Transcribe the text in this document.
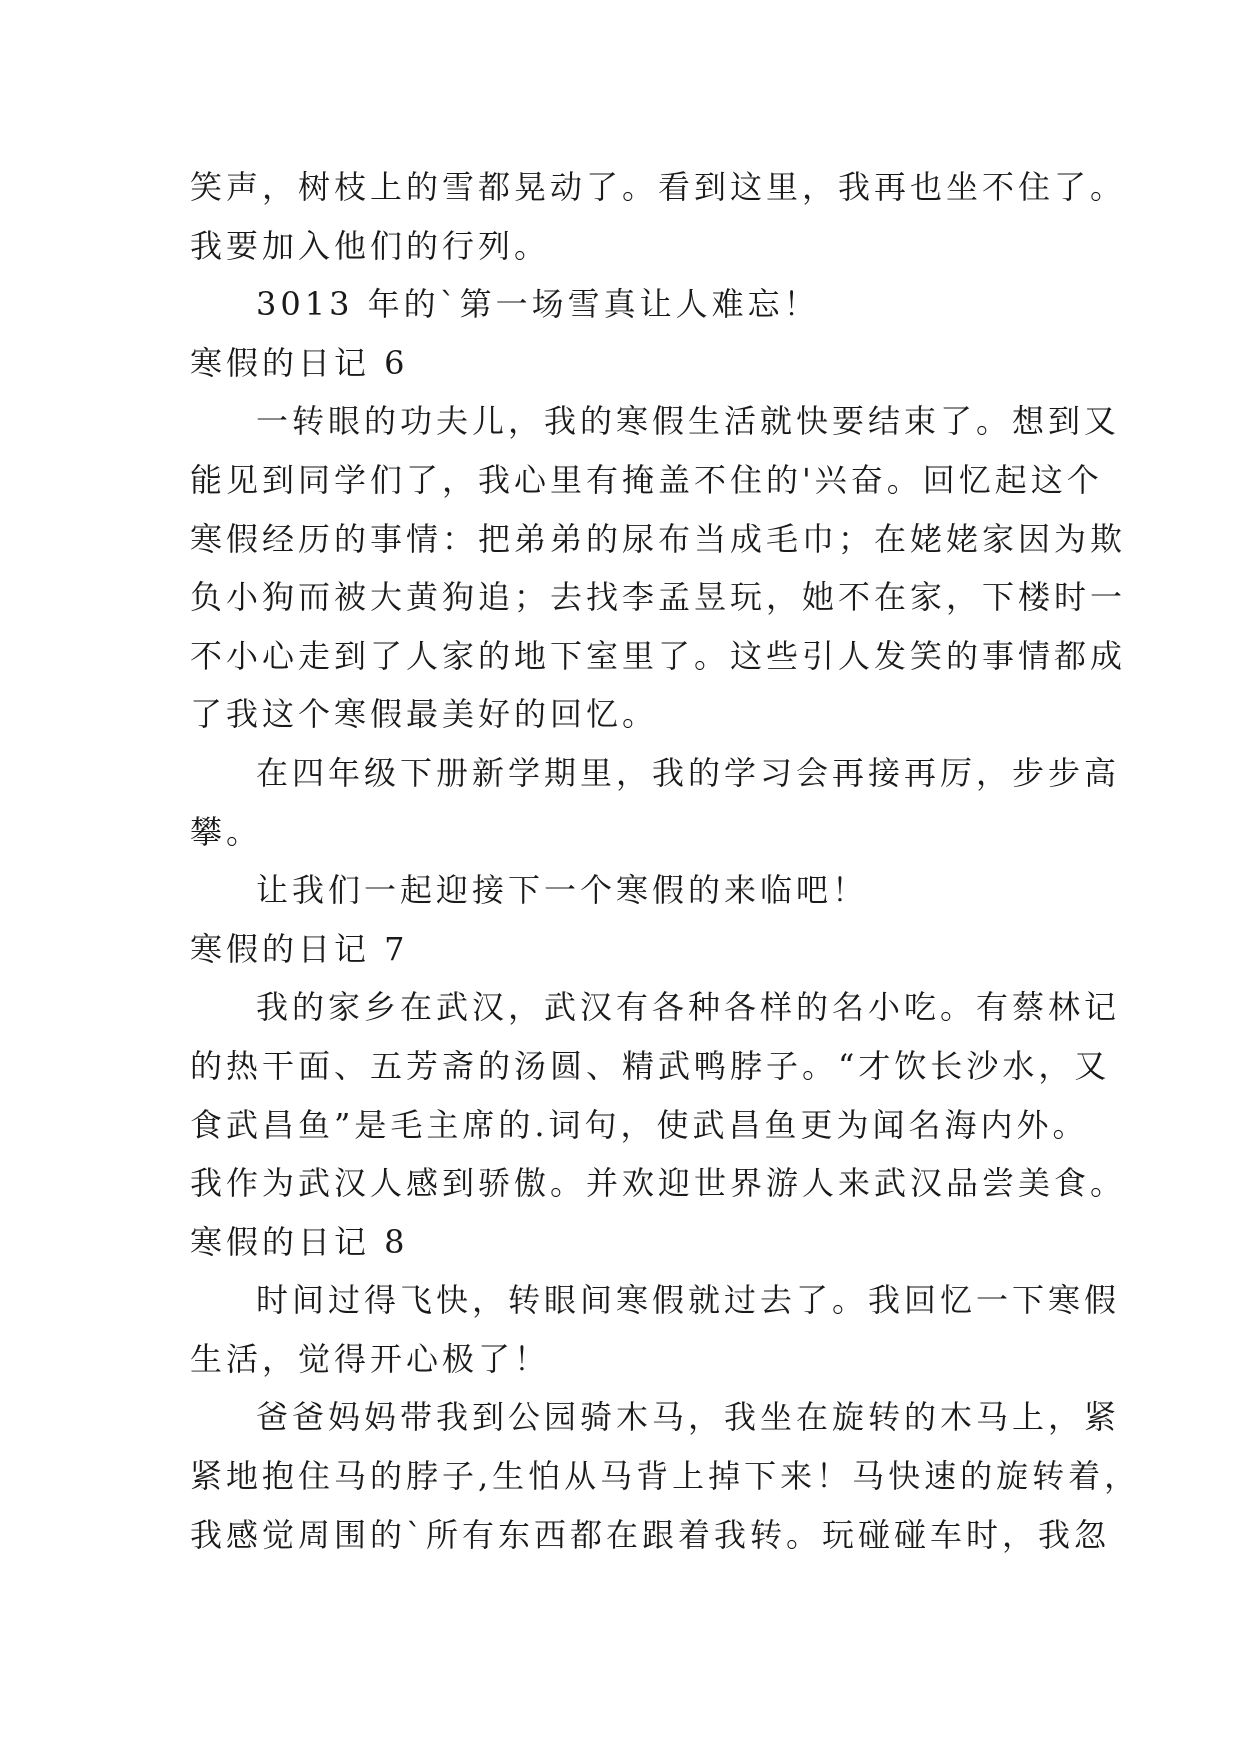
笑声，树枝上的雪都晃动了。看到这里，我再也坐不住了。
我要加入他们的行列。
3013 年的`第一场雪真让人难忘！
寒假的日记 6
一转眼的功夫儿，我的寒假生活就快要结束了。想到又
能见到同学们了，我心里有掩盖不住的'兴奋。回忆起这个
寒假经历的事情：把弟弟的尿布当成毛巾；在姥姥家因为欺
负小狗而被大黄狗追；去找李孟昱玩，她不在家，下楼时一
不小心走到了人家的地下室里了。这些引人发笑的事情都成
了我这个寒假最美好的回忆。
在四年级下册新学期里，我的学习会再接再厉，步步高
攀。
让我们一起迎接下一个寒假的来临吧！
寒假的日记 7
我的家乡在武汉，武汉有各种各样的名小吃。有蔡林记
的热干面、五芳斋的汤圆、精武鸭脖子。“才饮长沙水，又
食武昌鱼”是毛主席的.词句，使武昌鱼更为闻名海内外。
我作为武汉人感到骄傲。并欢迎世界游人来武汉品尝美食。
寒假的日记 8
时间过得飞快，转眼间寒假就过去了。我回忆一下寒假
生活，觉得开心极了！
爸爸妈妈带我到公园骑木马，我坐在旋转的木马上，紧
紧地抱住马的脖子,生怕从马背上掉下来！马快速的旋转着，
我感觉周围的`所有东西都在跟着我转。玩碰碰车时，我忽
